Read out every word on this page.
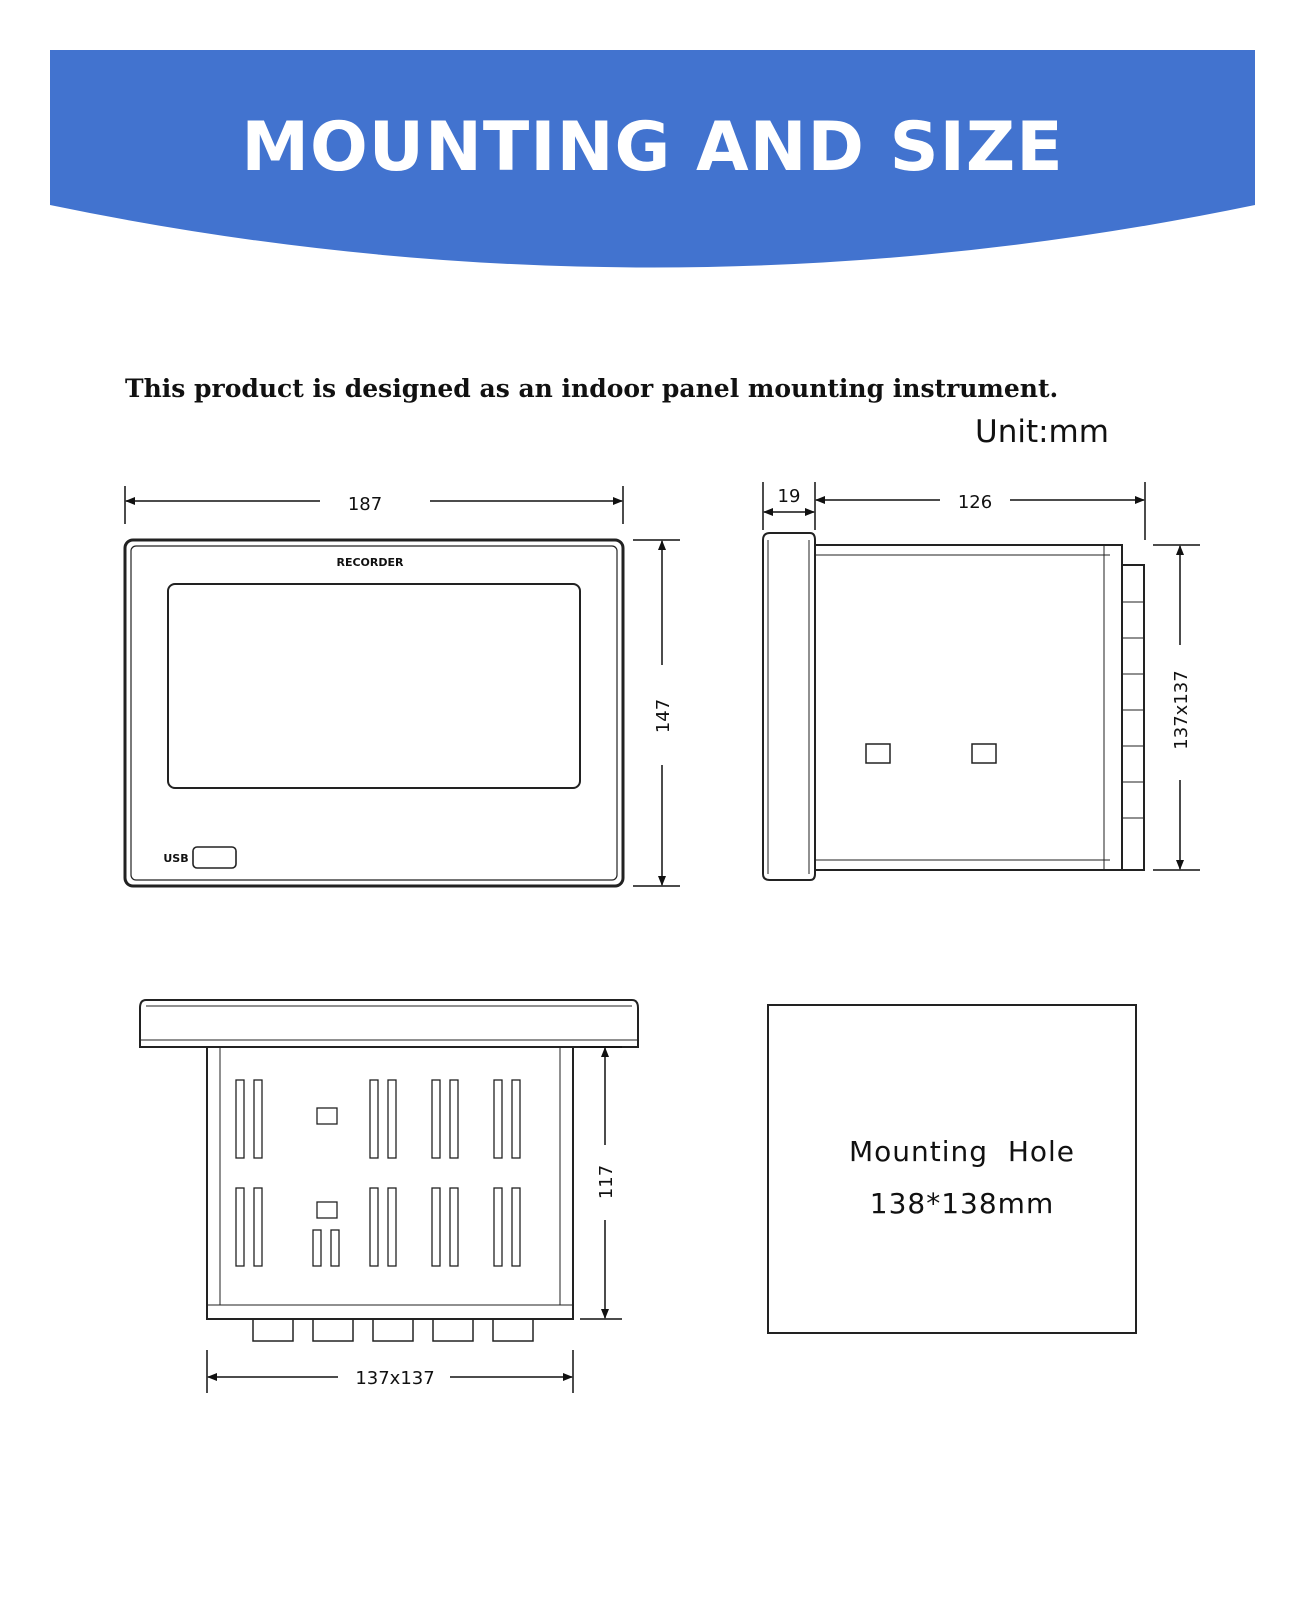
MOUNTING AND SIZE
This product is designed as an indoor panel mounting instrument.
Unit:mm
RECORDER
USB
187
147
19	126
137x137
117
137x137
Mounting  Hole
138*138mm
